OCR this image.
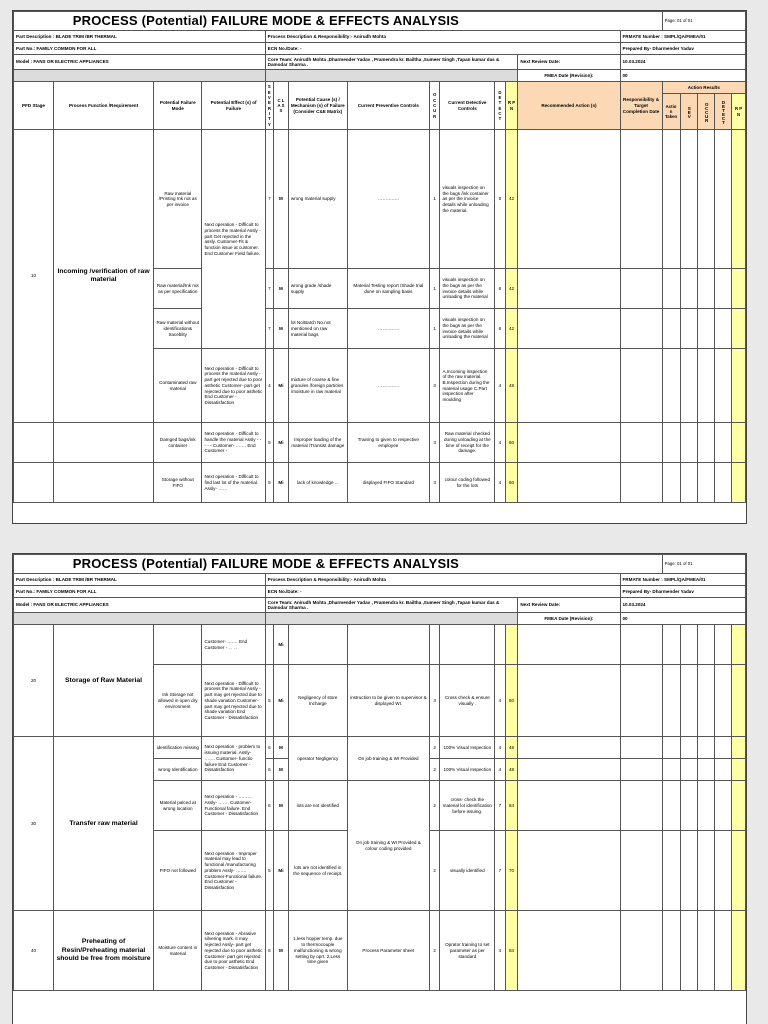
PROCESS (Potential) FAILURE MODE & EFFECTS ANALYSIS														Page: 01 of 01				
Part Description : BLADE TRIM /BR THERMAL				Process Description & Responsibility:- Anirudh Mohta									FRMATE Number : SMPL/QA/FMEA/01					
Part No.: FAMILY COMMON FOR ALL				ECN No./Date: -									Prepared By- Dharmender Yadav					
Model : FANS OR ELECTRIC APPLIANCES				Core Team: Anirudh Mohta ,Dharmender Yadav , Pramendra kr. Bailtha ,Sumeer Singh ,Tapan kumar das & Damodar Sharma .								Next Review Date:	10.03.2024					
												FMEA Date (Revision):	00					
PFD Stage	Process Function /Requirement	Potential Failure Mode	Potential Effect (s) of Failure	S E V E R I T Y	C L A S S	Potential Cause (s) / Mechanism (s) of Failure (Consider C&E Matrix)	Current Preventive Controls	O C C U R	Current Detective Controls	D E T E C T	R P N	Recommended Action (s)	Responsibility & Target Completion Date	Action Results				
														Action Taken	SEV	OCCUR	DETECT	R P N
10	Incoming /verification of raw material	Raw material /Printing Ink not as per invoice	Next operation - Difficult to process the material Assly - part Get rejected in the assly. Customer-Fit & function issue at customer. End Customer Field failure.	7	M	wrong material supply	…………..	1	visuals inspection on the bags /ink container as per the invoice details while unloading the material.	6	42							
		Raw material/Ink not as per specification		7	M	wrong grade /shade supply	Material Testing report /Shade trial done on sampling basis	1	visuals inspection on the bags as per the invoice details while unloading the material	6	42							
		Raw material without identification& traceblity		7	M	lot No/Batch No.not mentioned on raw material bags	…………..	1	visuals inspection on the bags as per the invoice details while unloading the material	6	42							
		Contaminated raw material	Next operation - Difficult to process the material Assly - part get rejected due to poor asthetic Customer- part get rejected due to poor asthetic End Customer - Dissatisfaction	4	Mi	mixture of coarse & fine granules /foreign particles /moisture in raw material	…………..	3	A.Incoming inspection of the raw material. B.Inspection during the material usage C.Part inspection after moulding	4	48							
		Damged bags/ink container	Next operation - Difficult to handle the material Assly - - - - - Customer- ……. End Customer -	5	Mi	Improper loading of the material /Transist damage	Training to given to respective employee	3	Raw material checked during unloading at the time of receipt for the damage.	4	60							
		Storage without FIFO	Next operation - Difficult to find last lot of the material. Assly- ……	5	Mi	lack of knowledge ...	displayed FIFO Standard	3	colour coding followed for the lots	4	60							
PROCESS (Potential) FAILURE MODE & EFFECTS ANALYSIS														Page: 01 of 01				
Part Description : BLADE TRIM /BR THERMAL				Process Description & Responsibility:- Anirudh Mohta									FRMATE Number : SMPL/QA/FMEA/01					
Part No.: FAMILY COMMON FOR ALL				ECN No./Date: -									Prepared By- Dharmender Yadav					
Model : FANS OR ELECTRIC APPLIANCES				Core Team: Anirudh Mohta ,Dharmender Yadav , Pramendra kr. Bailtha ,Sumeer Singh ,Tapan kumar das & Damodar Sharma .								Next Review Date:	10.03.2024					
												FMEA Date (Revision):	00					
20	Storage of Raw Material		Customer- ……. End Customer - . . . .		Mi													
		Ink Storage not allowed in open dry environment	Next operation - Difficult to process the material Assly - part may get rejected due to shade variation Customer- part may get rejected due to shade variation End Customer - Dissatisfaction	5	Mi	Negligency of store Incharge	instruction to be given to supervisor & displayed WI.	3	Cross check & ensure visually .	4	60							
30	Transfer raw material	identification missing	Next operation - problem to issuing material. Assly- ……. Customer- functio failure End Customer - Dissatisfaction	6	M	operator Negligency	On job training & WI Provided	2	100% Visual Inspection	4	48							
		wrong Identification		6	M			2	100% Visual Inspection	4	48							
		Material palced at wrong location	Next operation - ……… Assly- ……. Customer-Functional failure. End Customer - Dissatisfaction	6	M	lots are not identified	On job training & WI Provided & colour coding provided	2	cross- check the material lot identification before issuing.	7	84							
		FIFO not followed	Next operation - Improper material may lead to functional /manufacturing problem Assly- ……. Customer-Functional failure. End Customer - Dissatisfaction	5	Mi	lots are not identified in the sequence of reciept.		2	visually identified	7	70							
40	Preheating of Resin/Preheating material should be free from moisture	Moisture content in material	Next operation - Abrasive silvering mark. it may rejected Assly- part get rejected due to poor asthetic Customer- part get rejected due to poor asthetic End Customer - Dissatisfaction	6	M	1.less hopper temp. due to thermocouple malfunctioning & wrong setting by oprt. 2.Less time given	Process Parameter sheet	2	Oprator training to set parameter as per standard	4	84							
